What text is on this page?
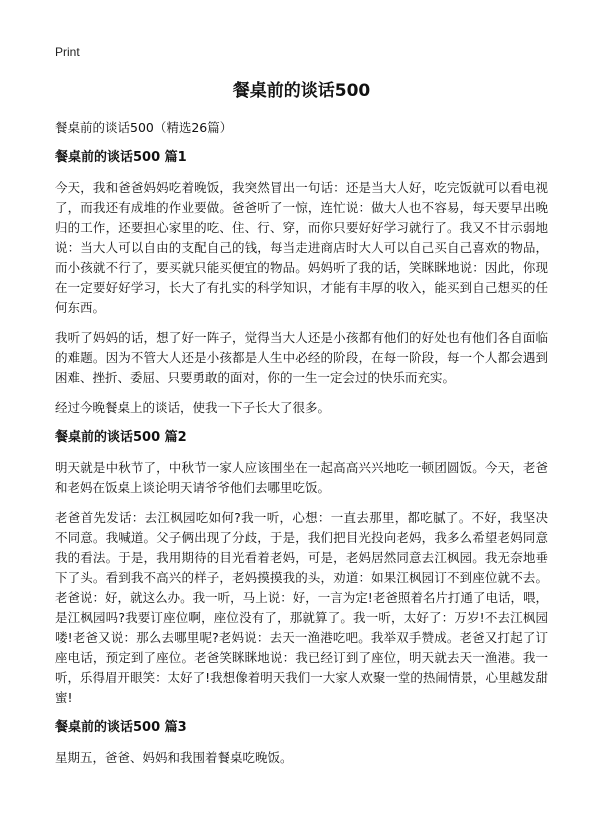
Print
餐桌前的谈话500
餐桌前的谈话500（精选26篇）
餐桌前的谈话500 篇1

今天，我和爸爸妈妈吃着晚饭，我突然冒出一句话：还是当大人好，吃完饭就可以看电视了，而我还有成堆的作业要做。爸爸听了一惊，连忙说：做大人也不容易，每天要早出晚归的工作，还要担心家里的吃、住、行、穿，而你只要好好学习就行了。我又不甘示弱地说：当大人可以自由的支配自己的钱，每当走进商店时大人可以自己买自己喜欢的物品，而小孩就不行了，要买就只能买便宜的物品。妈妈听了我的话，笑眯眯地说：因此，你现在一定要好好学习，长大了有扎实的科学知识，才能有丰厚的收入，能买到自己想买的任何东西。

我听了妈妈的话，想了好一阵子，觉得当大人还是小孩都有他们的好处也有他们各自面临的难题。因为不管大人还是小孩都是人生中必经的阶段，在每一阶段，每一个人都会遇到困难、挫折、委屈、只要勇敢的面对，你的一生一定会过的快乐而充实。

经过今晚餐桌上的谈话，使我一下子长大了很多。

餐桌前的谈话500 篇2

明天就是中秋节了，中秋节一家人应该围坐在一起高高兴兴地吃一顿团圆饭。今天，老爸和老妈在饭桌上谈论明天请爷爷他们去哪里吃饭。

老爸首先发话：去江枫园吃如何?我一听，心想：一直去那里，都吃腻了。不好，我坚决不同意。我喊道。父子俩出现了分歧，于是，我们把目光投向老妈，我多么希望老妈同意我的看法。于是，我用期待的目光看着老妈，可是，老妈居然同意去江枫园。我无奈地垂下了头。看到我不高兴的样子，老妈摸摸我的头，劝道：如果江枫园订不到座位就不去。老爸说：好，就这么办。我一听，马上说：好，一言为定!老爸照着名片打通了电话，喂，是江枫园吗?我要订座位啊，座位没有了，那就算了。我一听，太好了：万岁!不去江枫园喽!老爸又说：那么去哪里呢?老妈说：去天一渔港吃吧。我举双手赞成。老爸又打起了订座电话，预定到了座位。老爸笑眯眯地说：我已经订到了座位，明天就去天一渔港。我一听，乐得眉开眼笑：太好了!我想像着明天我们一大家人欢聚一堂的热闹情景，心里越发甜蜜!

餐桌前的谈话500 篇3

星期五，爸爸、妈妈和我围着餐桌吃晚饭。
